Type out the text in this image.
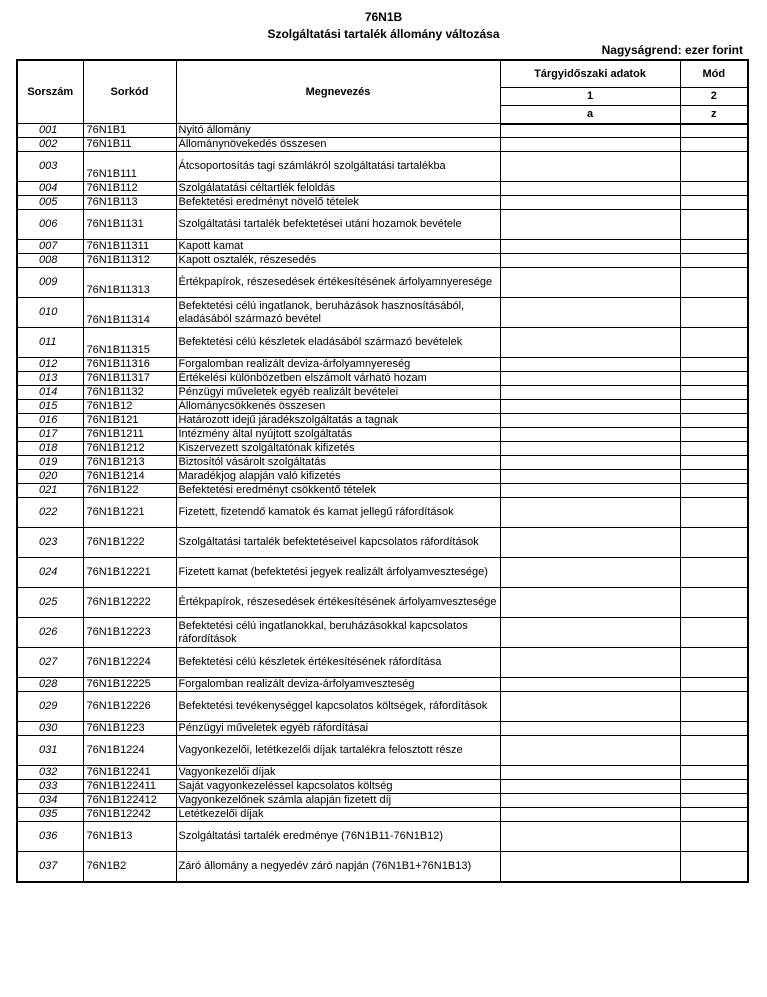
76N1B
Szolgáltatási tartalék állomány változása
Nagyságrend: ezer forint
Sorszám	Sorkód	Megnevezés	Tárgyidőszaki adatok	Mód
			1	2
			a	z
001	76N1B1	Nyitó állomány		
002	76N1B11	Állománynövekedés összesen		
003	76N1B111	Átcsoportosítás tagi számlákról szolgáltatási tartalékba		
004	76N1B112	Szolgálatatási céltartlék feloldás		
005	76N1B113	Befektetési eredményt növelő tételek		
006	76N1B1131	Szolgáltatási tartalék befektetései utáni hozamok bevétele		
007	76N1B11311	Kapott kamat		
008	76N1B11312	Kapott osztalék, részesedés		
009	76N1B11313	Értékpapírok, részesedések értékesítésének árfolyamnyeresége		
010	76N1B11314	Befektetési célú ingatlanok, beruházások hasznosításából, eladásából származó bevétel		
011	76N1B11315	Befektetési célú készletek eladásából származó bevételek		
012	76N1B11316	Forgalomban realizált deviza-árfolyamnyereség		
013	76N1B11317	Értékelési különbözetben elszámolt várható hozam		
014	76N1B1132	Pénzügyi műveletek egyéb realizált bevételei		
015	76N1B12	Állománycsökkenés összesen		
016	76N1B121	Határozott idejű járadékszolgáltatás a tagnak		
017	76N1B1211	Intézmény által nyújtott szolgáltatás		
018	76N1B1212	Kiszervezett szolgáltatónak kifizetés		
019	76N1B1213	Biztosítól vásárolt szolgáltatás		
020	76N1B1214	Maradékjog alapján való kifizetés		
021	76N1B122	Befektetési eredményt csökkentő tételek		
022	76N1B1221	Fizetett, fizetendő kamatok és kamat jellegű ráfordítások		
023	76N1B1222	Szolgáltatási tartalék befektetéseivel kapcsolatos ráfordítások		
024	76N1B12221	Fizetett kamat (befektetési jegyek realizált árfolyamvesztesége)		
025	76N1B12222	Értékpapírok, részesedések értékesítésének árfolyamvesztesége		
026	76N1B12223	Befektetési célú ingatlanokkal, beruházásokkal kapcsolatos ráfordítások		
027	76N1B12224	Befektetési célú készletek értékesítésének ráfordítása		
028	76N1B12225	Forgalomban realizált deviza-árfolyamveszteség		
029	76N1B12226	Befektetési tevékenységgel kapcsolatos költségek, ráfordítások		
030	76N1B1223	Pénzügyi műveletek egyéb ráfordításai		
031	76N1B1224	Vagyonkezelői, letétkezelői díjak tartalékra felosztott része		
032	76N1B12241	Vagyonkezelői díjak		
033	76N1B122411	Saját vagyonkezeléssel kapcsolatos költség		
034	76N1B122412	Vagyonkezelőnek számla alapján fizetett díj		
035	76N1B12242	Letétkezelői díjak		
036	76N1B13	Szolgáltatási tartalék eredménye (76N1B11-76N1B12)		
037	76N1B2	Záró állomány a negyedév záró napján (76N1B1+76N1B13)		
